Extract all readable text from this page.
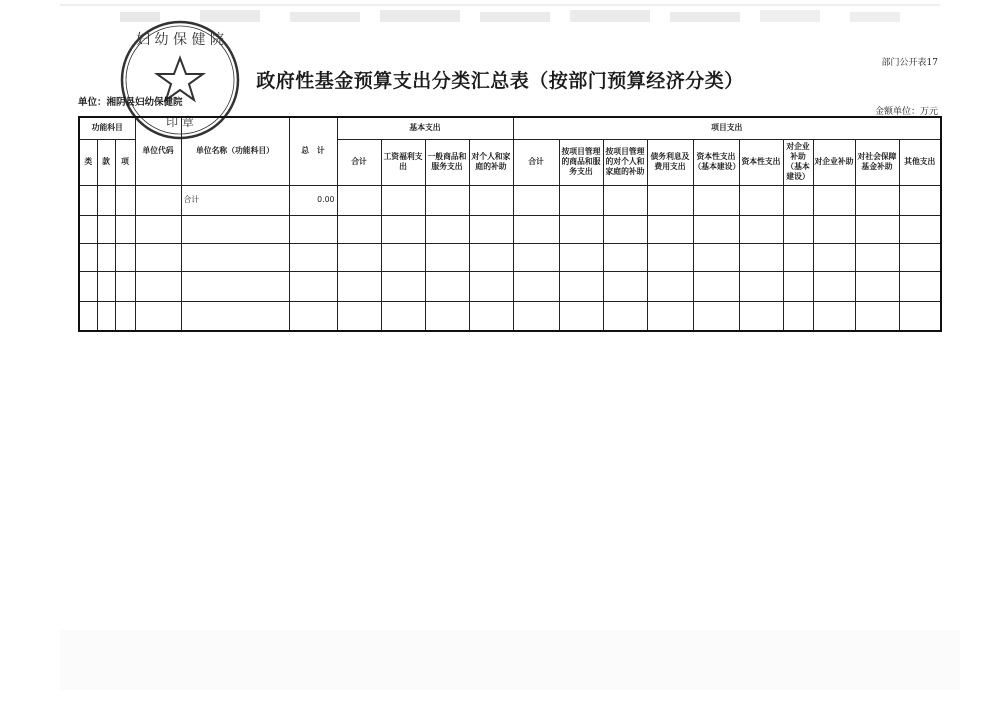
妇 幼 保 健 院
印 章
部门公开表17
政府性基金预算支出分类汇总表（按部门预算经济分类）
单位：湘阴县妇幼保健院
金额单位：万元
功能科目			单位代码	单位名称（功能科目）	总　计	基本支出				项目支出									
类	款	项				合计	工资福利支出	一般商品和服务支出	对个人和家庭的补助	合计	按项目管理的商品和服务支出	按项目管理的对个人和家庭的补助	债务利息及费用支出	资本性支出（基本建设）	资本性支出	对企业补助（基本建设）	对企业补助	对社会保障基金补助	其他支出

				合计	0.00														
